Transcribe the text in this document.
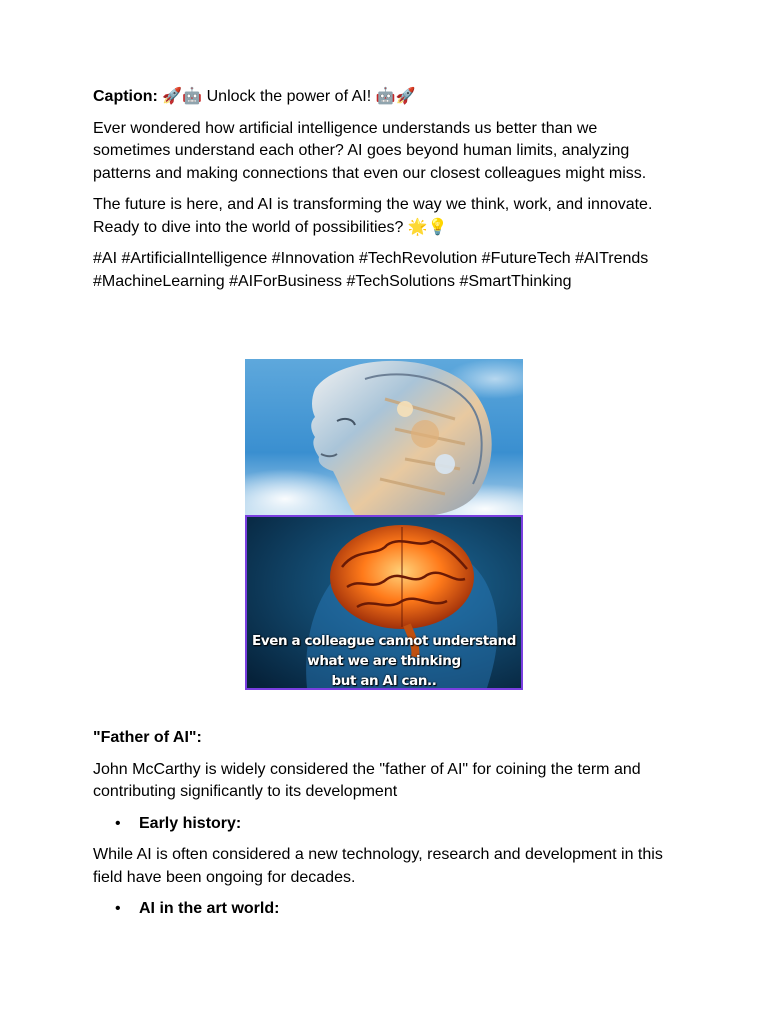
Caption: 🚀🤖 Unlock the power of AI! 🤖🚀

Ever wondered how artificial intelligence understands us better than we sometimes understand each other? AI goes beyond human limits, analyzing patterns and making connections that even our closest colleagues might miss.

The future is here, and AI is transforming the way we think, work, and innovate. Ready to dive into the world of possibilities? 🌟💡

#AI #ArtificialIntelligence #Innovation #TechRevolution #FutureTech #AITrends #MachineLearning #AIForBusiness #TechSolutions #SmartThinking

Even a colleague cannot understand
what we are thinking
but an AI can..

"Father of AI":

John McCarthy is widely considered the "father of AI" for coining the term and contributing significantly to its development

• Early history:

While AI is often considered a new technology, research and development in this field have been ongoing for decades.

• AI in the art world:
